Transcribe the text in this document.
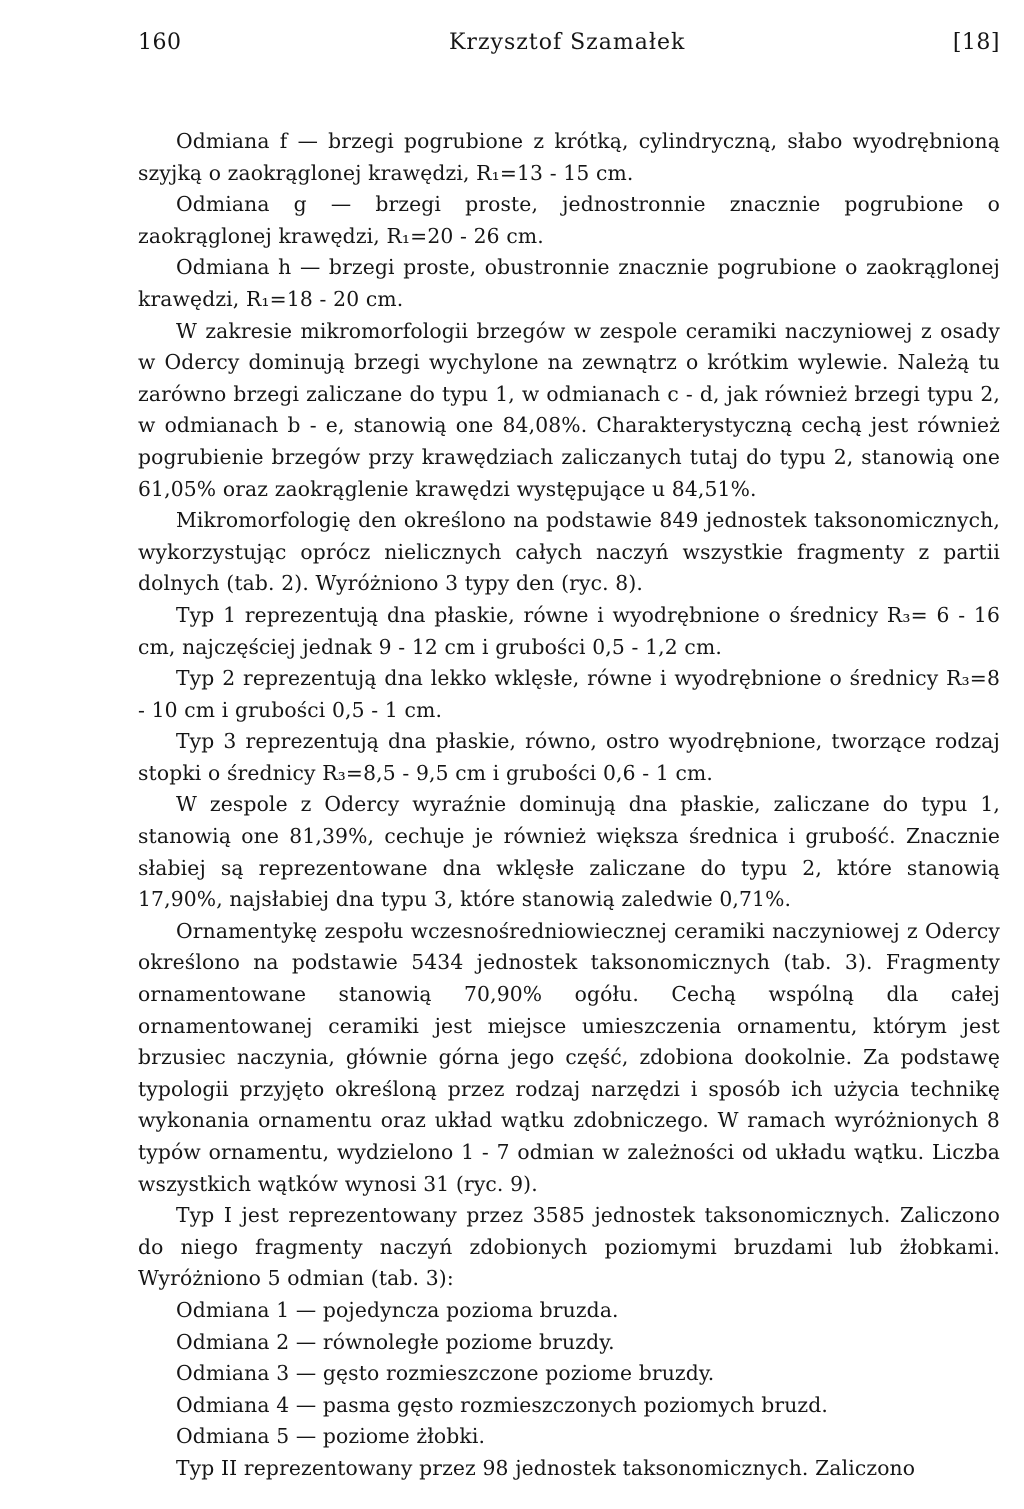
160	Krzysztof Szamałek	[18]

Odmiana f — brzegi pogrubione z krótką, cylindryczną, słabo wyodrębnioną szyjką o zaokrąglonej krawędzi, R₁=13 - 15 cm.

Odmiana g — brzegi proste, jednostronnie znacznie pogrubione o zaokrąglonej krawędzi, R₁=20 - 26 cm.

Odmiana h — brzegi proste, obustronnie znacznie pogrubione o zaokrąglonej krawędzi, R₁=18 - 20 cm.

W zakresie mikromorfologii brzegów w zespole ceramiki naczyniowej z osady w Odercy dominują brzegi wychylone na zewnątrz o krótkim wylewie. Należą tu zarówno brzegi zaliczane do typu 1, w odmianach c - d, jak również brzegi typu 2, w odmianach b - e, stanowią one 84,08%. Charakterystyczną cechą jest również pogrubienie brzegów przy krawędziach zaliczanych tutaj do typu 2, stanowią one 61,05% oraz zaokrąglenie krawędzi występujące u 84,51%.

Mikromorfologię den określono na podstawie 849 jednostek taksonomicznych, wykorzystując oprócz nielicznych całych naczyń wszystkie fragmenty z partii dolnych (tab. 2). Wyróżniono 3 typy den (ryc. 8).

Typ 1 reprezentują dna płaskie, równe i wyodrębnione o średnicy R₃= 6 - 16 cm, najczęściej jednak 9 - 12 cm i grubości 0,5 - 1,2 cm.

Typ 2 reprezentują dna lekko wklęsłe, równe i wyodrębnione o średnicy R₃=8 - 10 cm i grubości 0,5 - 1 cm.

Typ 3 reprezentują dna płaskie, równo, ostro wyodrębnione, tworzące rodzaj stopki o średnicy R₃=8,5 - 9,5 cm i grubości 0,6 - 1 cm.

W zespole z Odercy wyraźnie dominują dna płaskie, zaliczane do typu 1, stanowią one 81,39%, cechuje je również większa średnica i grubość. Znacznie słabiej są reprezentowane dna wklęsłe zaliczane do typu 2, które stanowią 17,90%, najsłabiej dna typu 3, które stanowią zaledwie 0,71%.

Ornamentykę zespołu wczesnośredniowiecznej ceramiki naczyniowej z Odercy określono na podstawie 5434 jednostek taksonomicznych (tab. 3). Fragmenty ornamentowane stanowią 70,90% ogółu. Cechą wspólną dla całej ornamentowanej ceramiki jest miejsce umieszczenia ornamentu, którym jest brzusiec naczynia, głównie górna jego część, zdobiona dookolnie. Za podstawę typologii przyjęto określoną przez rodzaj narzędzi i sposób ich użycia technikę wykonania ornamentu oraz układ wątku zdobniczego. W ramach wyróżnionych 8 typów ornamentu, wydzielono 1 - 7 odmian w zależności od układu wątku. Liczba wszystkich wątków wynosi 31 (ryc. 9).

Typ I jest reprezentowany przez 3585 jednostek taksonomicznych. Zaliczono do niego fragmenty naczyń zdobionych poziomymi bruzdami lub żłobkami. Wyróżniono 5 odmian (tab. 3):

Odmiana 1 — pojedyncza pozioma bruzda.

Odmiana 2 — równoległe poziome bruzdy.

Odmiana 3 — gęsto rozmieszczone poziome bruzdy.

Odmiana 4 — pasma gęsto rozmieszczonych poziomych bruzd.

Odmiana 5 — poziome żłobki.

Typ II reprezentowany przez 98 jednostek taksonomicznych. Zaliczono
